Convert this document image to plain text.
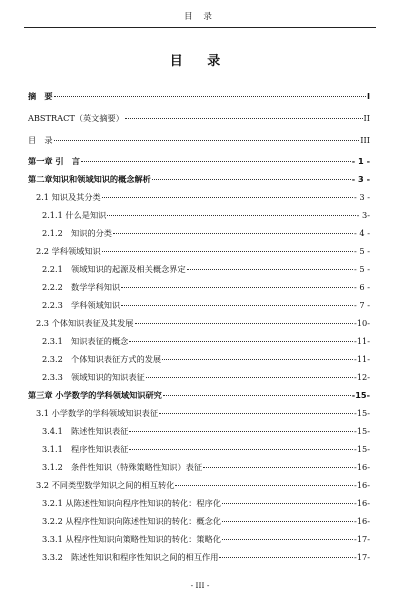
目 录
目 录
摘　要	I
ABSTRACT（英文摘要）	II
目　录	III
第一章 引　言	- 1 -
第二章知识和领域知识的概念解析	- 3 -
2.1 知识及其分类	- 3 -
2.1.1 什么是知识	- 3-
2.1.2　知识的分类	- 4 -
2.2 学科领域知识	- 5 -
2.2.1　领域知识的起源及相关概念界定	- 5 -
2.2.2　数学学科知识	- 6 -
2.2.3　学科领域知识	- 7 -
2.3 个体知识表征及其发展	-10-
2.3.1　知识表征的概念	-11-
2.3.2　个体知识表征方式的发展	-11-
2.3.3　领域知识的知识表征	-12-
第三章 小学数学的学科领域知识研究	-15-
3.1 小学数学的学科领域知识表征	-15-
3.4.1　陈述性知识表征	-15-
3.1.1　程序性知识表征	-15-
3.1.2　条件性知识（特殊策略性知识）表征	-16-
3.2 不同类型数学知识之间的相互转化	-16-
3.2.1 从陈述性知识向程序性知识的转化：程序化	-16-
3.2.2 从程序性知识向陈述性知识的转化：概念化	-16-
3.3.1 从程序性知识向策略性知识的转化：策略化	-17-
3.3.2　陈述性知识和程序性知识之间的相互作用	-17-
- III -
